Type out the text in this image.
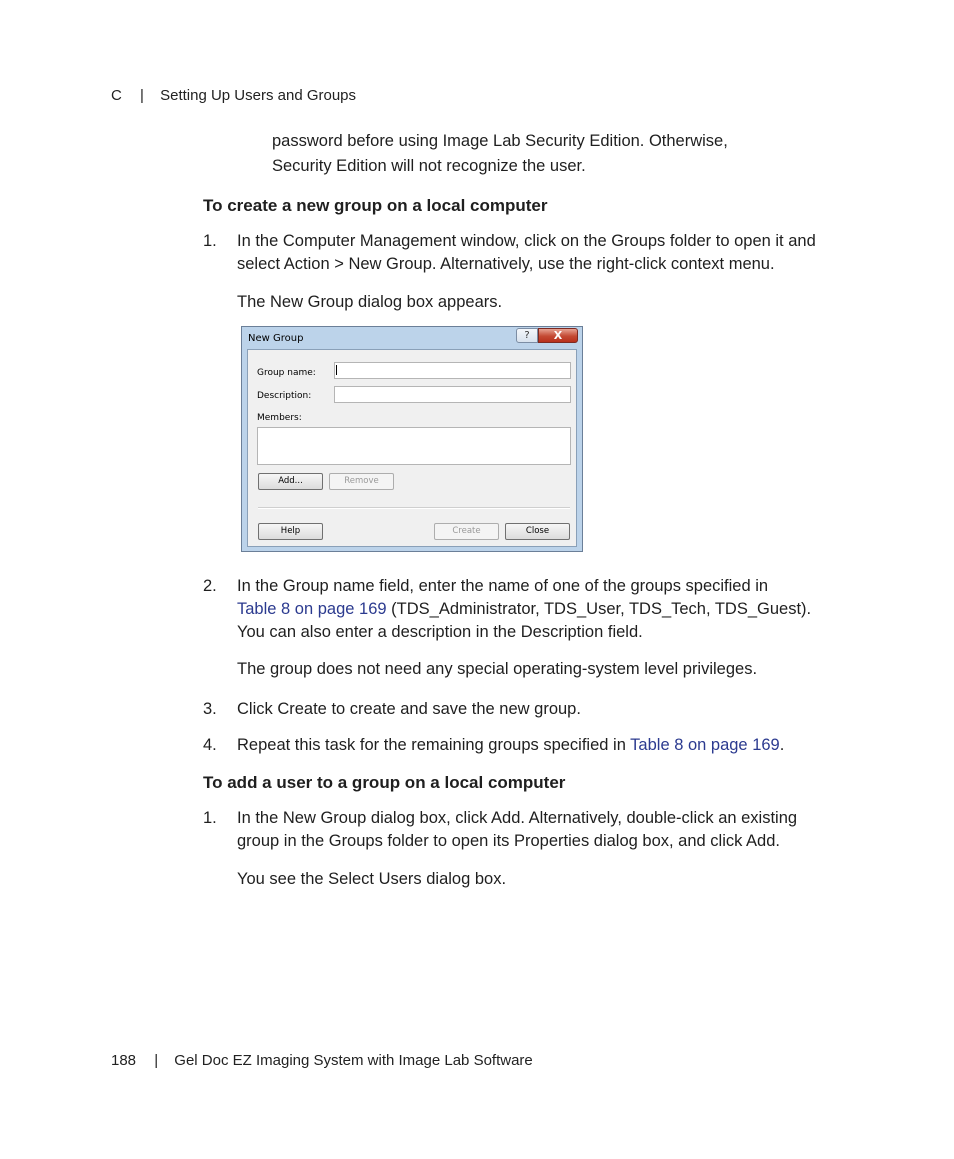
C | Setting Up Users and Groups
password before using Image Lab Security Edition. Otherwise,
Security Edition will not recognize the user.
To create a new group on a local computer
1. In the Computer Management window, click on the Groups folder to open it and
select Action > New Group. Alternatively, use the right-click context menu.
The New Group dialog box appears.
New Group	?	X
Group name:
Description:
Members:
Add...	Remove
Help	Create	Close
2. In the Group name field, enter the name of one of the groups specified in
Table 8 on page 169 (TDS_Administrator, TDS_User, TDS_Tech, TDS_Guest).
You can also enter a description in the Description field.
The group does not need any special operating-system level privileges.
3. Click Create to create and save the new group.
4. Repeat this task for the remaining groups specified in Table 8 on page 169.
To add a user to a group on a local computer
1. In the New Group dialog box, click Add. Alternatively, double-click an existing
group in the Groups folder to open its Properties dialog box, and click Add.
You see the Select Users dialog box.
188 | Gel Doc EZ Imaging System with Image Lab Software
